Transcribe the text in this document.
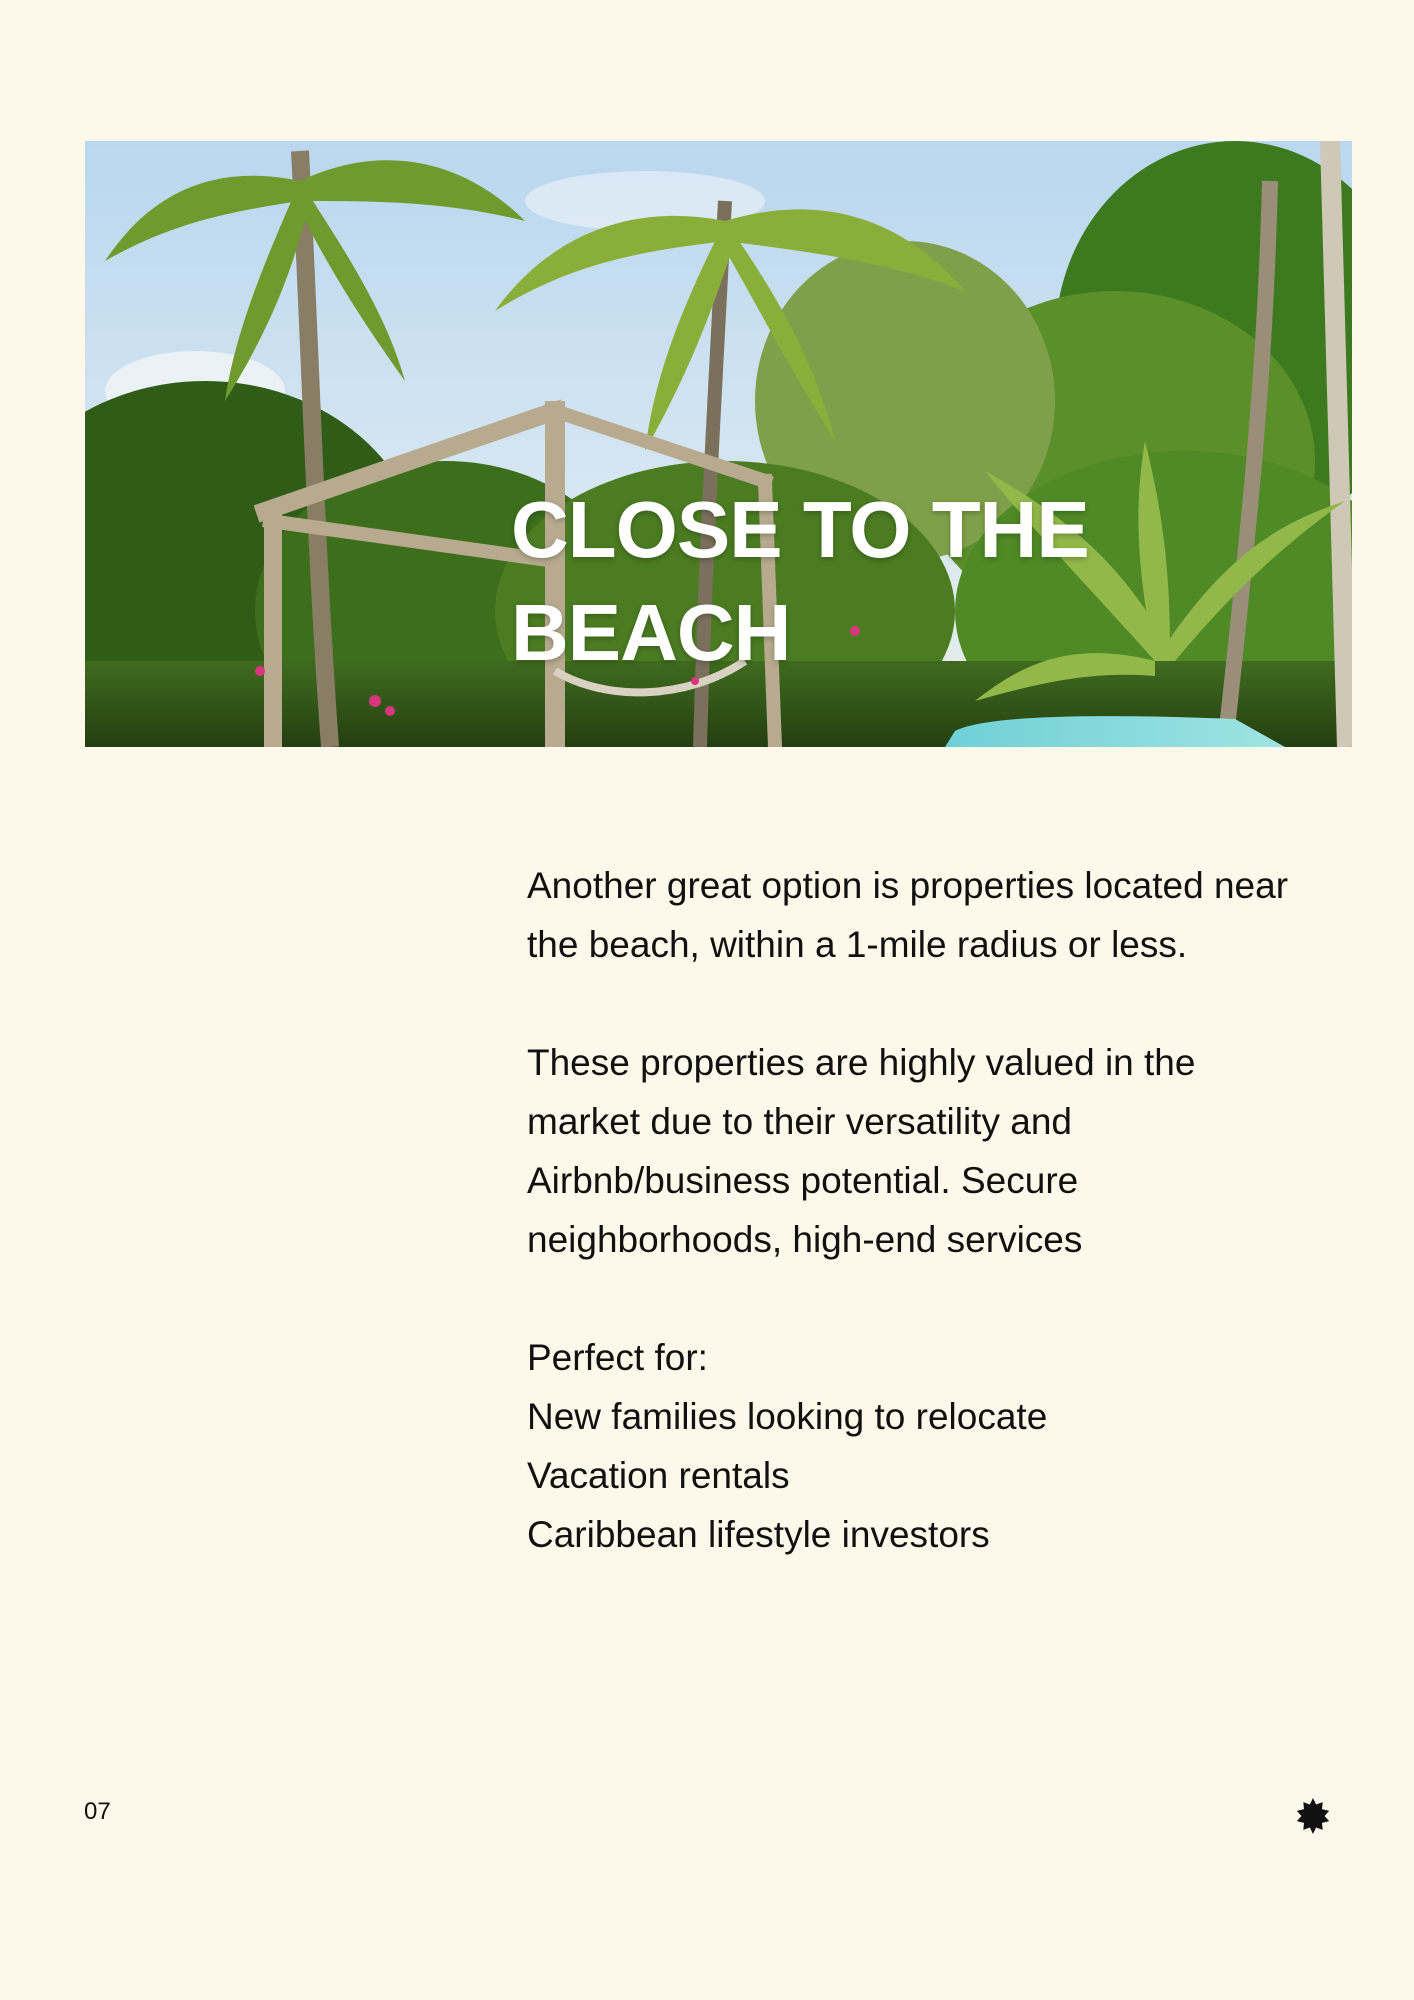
CLOSE TO THE
BEACH

Another great option is properties located near
the beach, within a 1-mile radius or less.

These properties are highly valued in the
market due to their versatility and
Airbnb/business potential. Secure
neighborhoods, high-end services

Perfect for:
New families looking to relocate
Vacation rentals
Caribbean lifestyle investors

07
